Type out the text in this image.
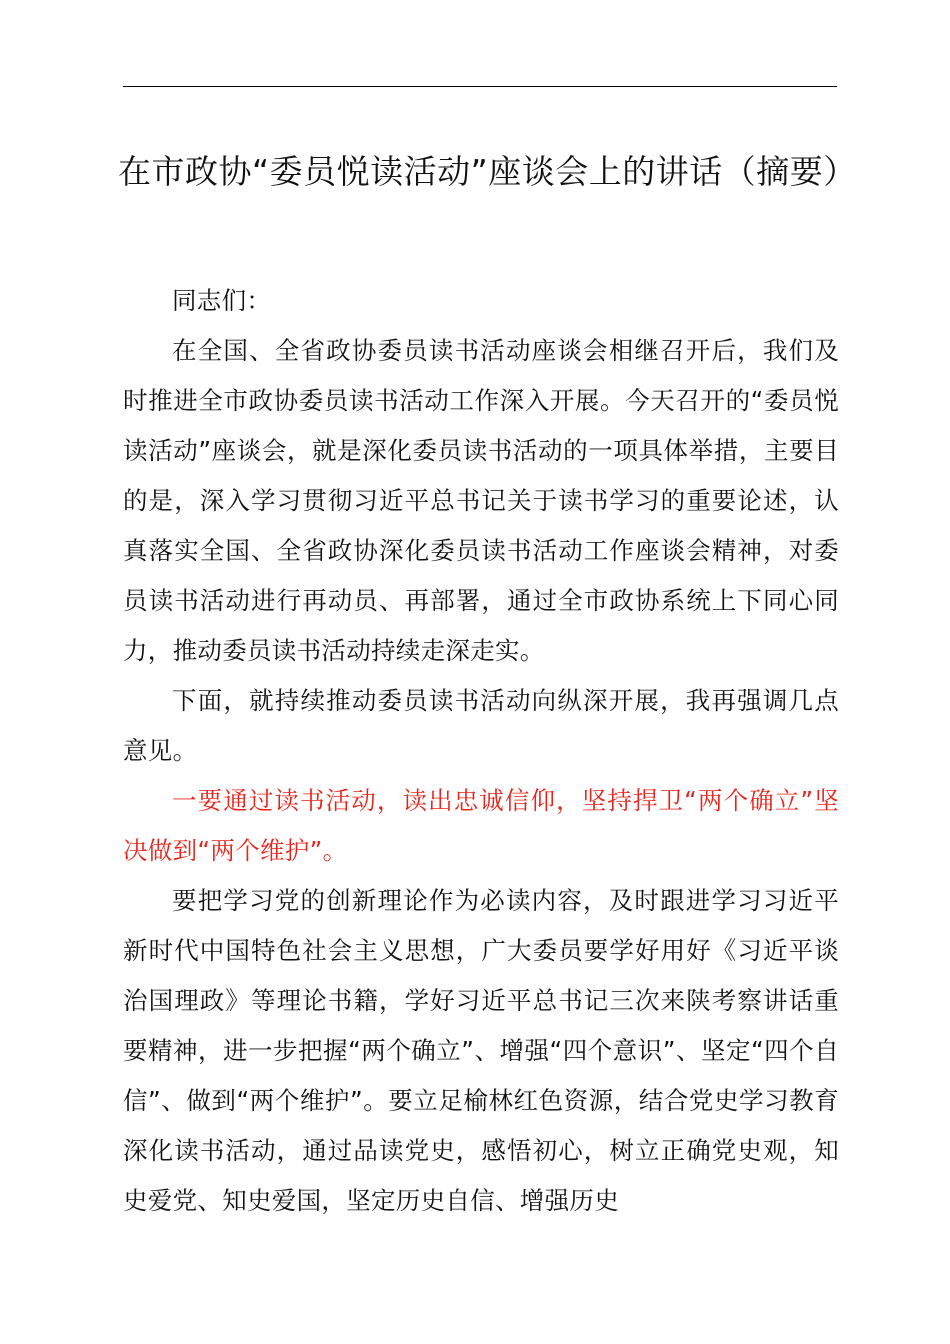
在市政协“委员悦读活动”座谈会上的讲话（摘要）

同志们：

在全国、全省政协委员读书活动座谈会相继召开后，我们及时推进全市政协委员读书活动工作深入开展。今天召开的“委员悦读活动”座谈会，就是深化委员读书活动的一项具体举措，主要目的是，深入学习贯彻习近平总书记关于读书学习的重要论述，认真落实全国、全省政协深化委员读书活动工作座谈会精神，对委员读书活动进行再动员、再部署，通过全市政协系统上下同心同力，推动委员读书活动持续走深走实。

下面，就持续推动委员读书活动向纵深开展，我再强调几点意见。

一要通过读书活动，读出忠诚信仰，坚持捍卫“两个确立”坚决做到“两个维护”。

要把学习党的创新理论作为必读内容，及时跟进学习习近平新时代中国特色社会主义思想，广大委员要学好用好《习近平谈治国理政》等理论书籍，学好习近平总书记三次来陕考察讲话重要精神，进一步把握“两个确立”、增强“四个意识”、坚定“四个自信”、做到“两个维护”。要立足榆林红色资源，结合党史学习教育深化读书活动，通过品读党史，感悟初心，树立正确党史观，知史爱党、知史爱国，坚定历史自信、增强历史
